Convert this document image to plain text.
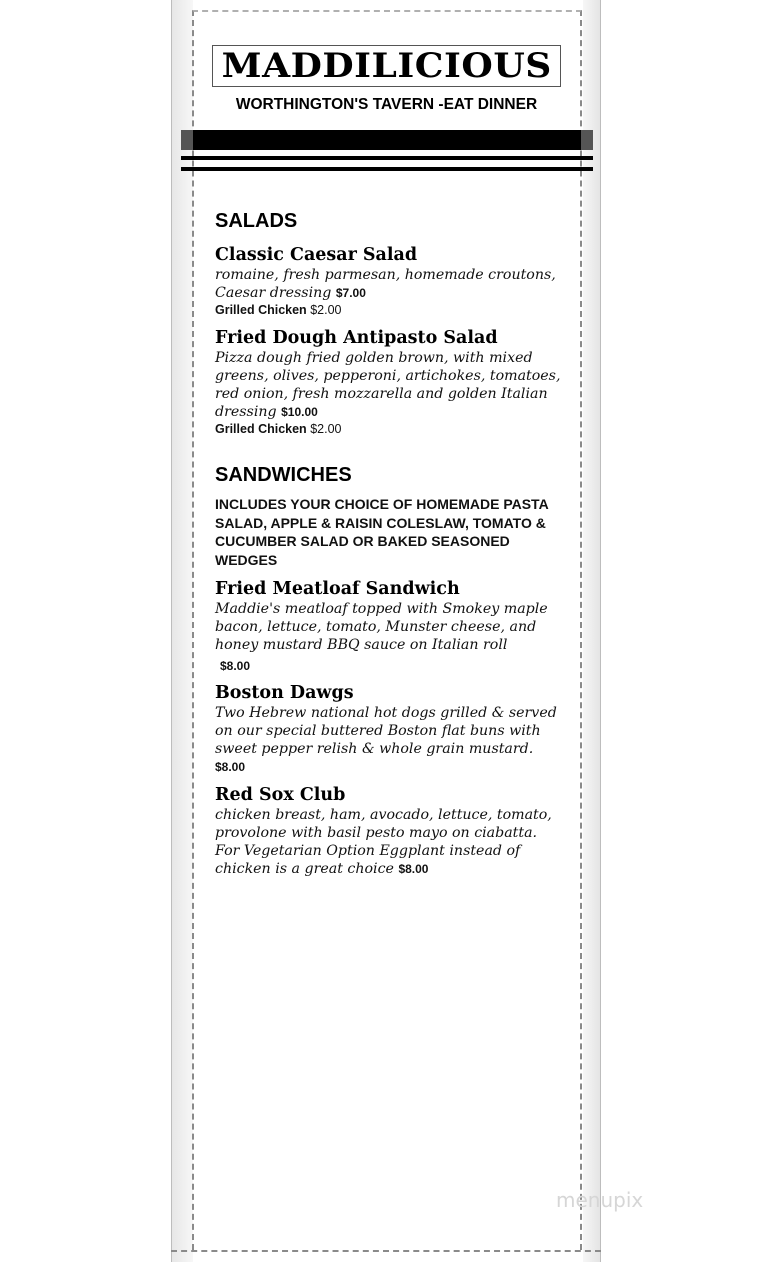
MADDILICIOUS
WORTHINGTON'S TAVERN -EAT DINNER
SALADS

Classic Caesar Salad

romaine, fresh parmesan, homemade croutons, Caesar dressing $7.00

Grilled Chicken $2.00

Fried Dough Antipasto Salad

Pizza dough fried golden brown, with mixed greens, olives, pepperoni, artichokes, tomatoes, red onion, fresh mozzarella and golden Italian dressing $10.00

Grilled Chicken $2.00

SANDWICHES

INCLUDES YOUR CHOICE OF HOMEMADE PASTA SALAD, APPLE & RAISIN COLESLAW, TOMATO & CUCUMBER SALAD OR BAKED SEASONED WEDGES

Fried Meatloaf Sandwich

Maddie's meatloaf topped with Smokey maple bacon, lettuce, tomato, Munster cheese, and honey mustard BBQ sauce on Italian roll

$8.00

Boston Dawgs

Two Hebrew national hot dogs grilled & served on our special buttered Boston flat buns with sweet pepper relish & whole grain mustard. $8.00

Red Sox Club

chicken breast, ham, avocado, lettuce, tomato, provolone with basil pesto mayo on ciabatta. For Vegetarian Option Eggplant instead of chicken is a great choice $8.00

menupix
